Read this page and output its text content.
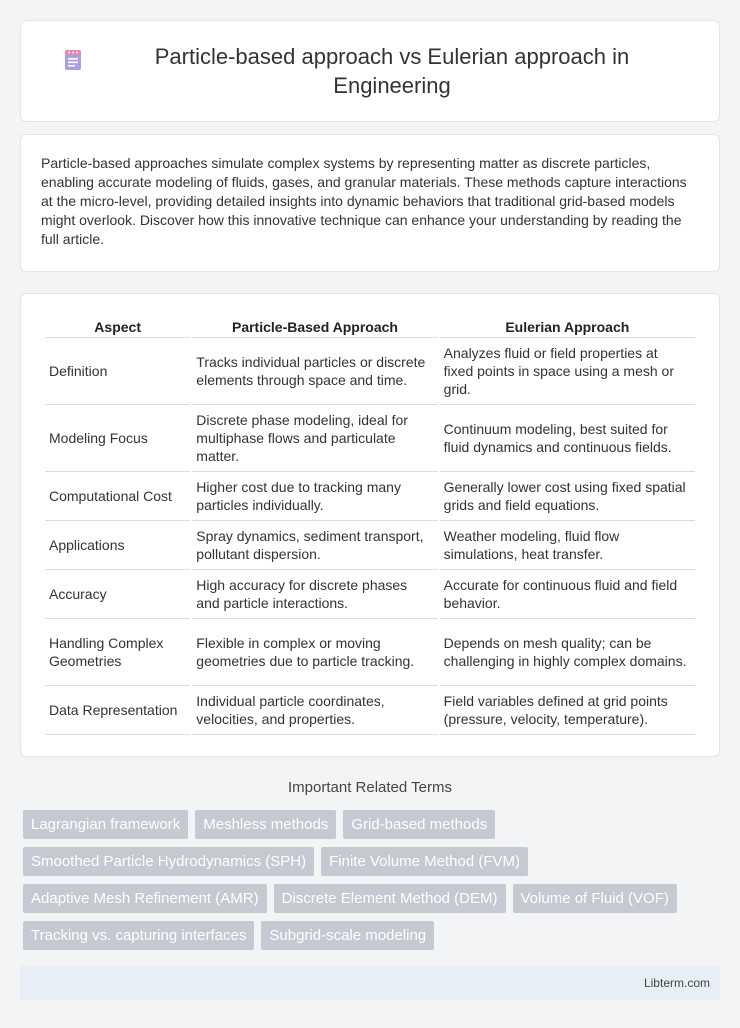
Particle-based approach vs Eulerian approach in Engineering

Particle-based approaches simulate complex systems by representing matter as discrete particles, enabling accurate modeling of fluids, gases, and granular materials. These methods capture interactions at the micro-level, providing detailed insights into dynamic behaviors that traditional grid-based models might overlook. Discover how this innovative technique can enhance your understanding by reading the full article.

Aspect	Particle-Based Approach	Eulerian Approach
Definition	Tracks individual particles or discrete elements through space and time.	Analyzes fluid or field properties at fixed points in space using a mesh or grid.
Modeling Focus	Discrete phase modeling, ideal for multiphase flows and particulate matter.	Continuum modeling, best suited for fluid dynamics and continuous fields.
Computational Cost	Higher cost due to tracking many particles individually.	Generally lower cost using fixed spatial grids and field equations.
Applications	Spray dynamics, sediment transport, pollutant dispersion.	Weather modeling, fluid flow simulations, heat transfer.
Accuracy	High accuracy for discrete phases and particle interactions.	Accurate for continuous fluid and field behavior.
Handling Complex Geometries	Flexible in complex or moving geometries due to particle tracking.	Depends on mesh quality; can be challenging in highly complex domains.
Data Representation	Individual particle coordinates, velocities, and properties.	Field variables defined at grid points (pressure, velocity, temperature).
Important Related Terms
Lagrangian framework	Meshless methods	Grid-based methods
Smoothed Particle Hydrodynamics (SPH)	Finite Volume Method (FVM)
Adaptive Mesh Refinement (AMR)	Discrete Element Method (DEM)	Volume of Fluid (VOF)
Tracking vs. capturing interfaces	Subgrid-scale modeling
Libterm.com
